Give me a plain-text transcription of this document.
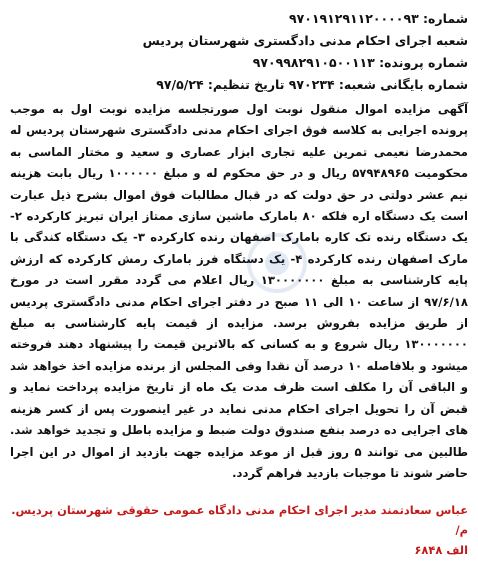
شماره: ۹۷۰۱۹۱۲۹۱۱۲۰۰۰۰۹۳
شعبه اجرای احکام مدنی دادگستری شهرستان پردیس
شماره پرونده: ۹۷۰۹۹۸۲۹۱۰۵۰۰۱۱۳
شماره بایگانی شعبه: ۹۷۰۲۳۴ تاریخ تنظیم: ۹۷/۵/۲۴
آگهی مزایده اموال منقول نوبت اول صورتجلسه مزایده نوبت اول به موجب پرونده اجرایی به کلاسه فوق اجرای احکام مدنی دادگستری شهرستان پردیس له محمدرضا نعیمی تمرین علیه تجاری ابزار عصاری و سعید و مختار الماسی به محکومیت ۵۷۹۴۸۹۶۵ ریال و در حق محکوم له و مبلغ ۱۰۰۰۰۰۰ ریال بابت هزینه نیم عشر دولتی در حق دولت که در قبال مطالبات فوق اموال بشرح ذیل عبارت است یک دستگاه اره فلکه ۸۰ بامارک ماشین سازی ممتاز ایران تبریز کارکرده ۲- یک دستگاه رنده تک کاره بامارک اصفهان رنده کارکرده ۳- یک دستگاه کندگی با مارک اصفهان رنده کارکرده ۴- یک دستگاه فرز بامارک رمش کارکرده که ارزش پایه کارشناسی به مبلغ ۱۳۰۰۰۰۰۰۰ ریال اعلام می گردد مقرر است در مورخ ۹۷/۶/۱۸ از ساعت ۱۰ الی ۱۱ صبح در دفتر اجرای احکام مدنی دادگستری پردیس از طریق مزایده بفروش برسد. مزایده از قیمت پایه کارشناسی به مبلغ ۱۳۰۰۰۰۰۰۰ ریال شروع و به کسانی که بالاترین قیمت را پیشنهاد دهند فروخته میشود و بلافاصله ۱۰ درصد آن نقدا وفی المجلس از برنده مزایده اخذ خواهد شد و الباقی آن را مکلف است ظرف مدت یک ماه از تاریخ مزایده پرداخت نماید و قبض آن را تحویل اجرای احکام مدنی نماید در غیر اینصورت پس از کسر هزینه های اجرایی ده درصد بنفع صندوق دولت ضبط و مزایده باطل و تجدید خواهد شد. طالبین می توانند ۵ روز قبل از موعد مزایده جهت بازدید از اموال در این اجرا حاضر شوند تا موجبات بازدید فراهم گردد.
عباس سعادتمند مدیر اجرای احکام مدنی دادگاه عمومی حقوقی شهرستان پردیس. م/
الف ۶۸۴۸
